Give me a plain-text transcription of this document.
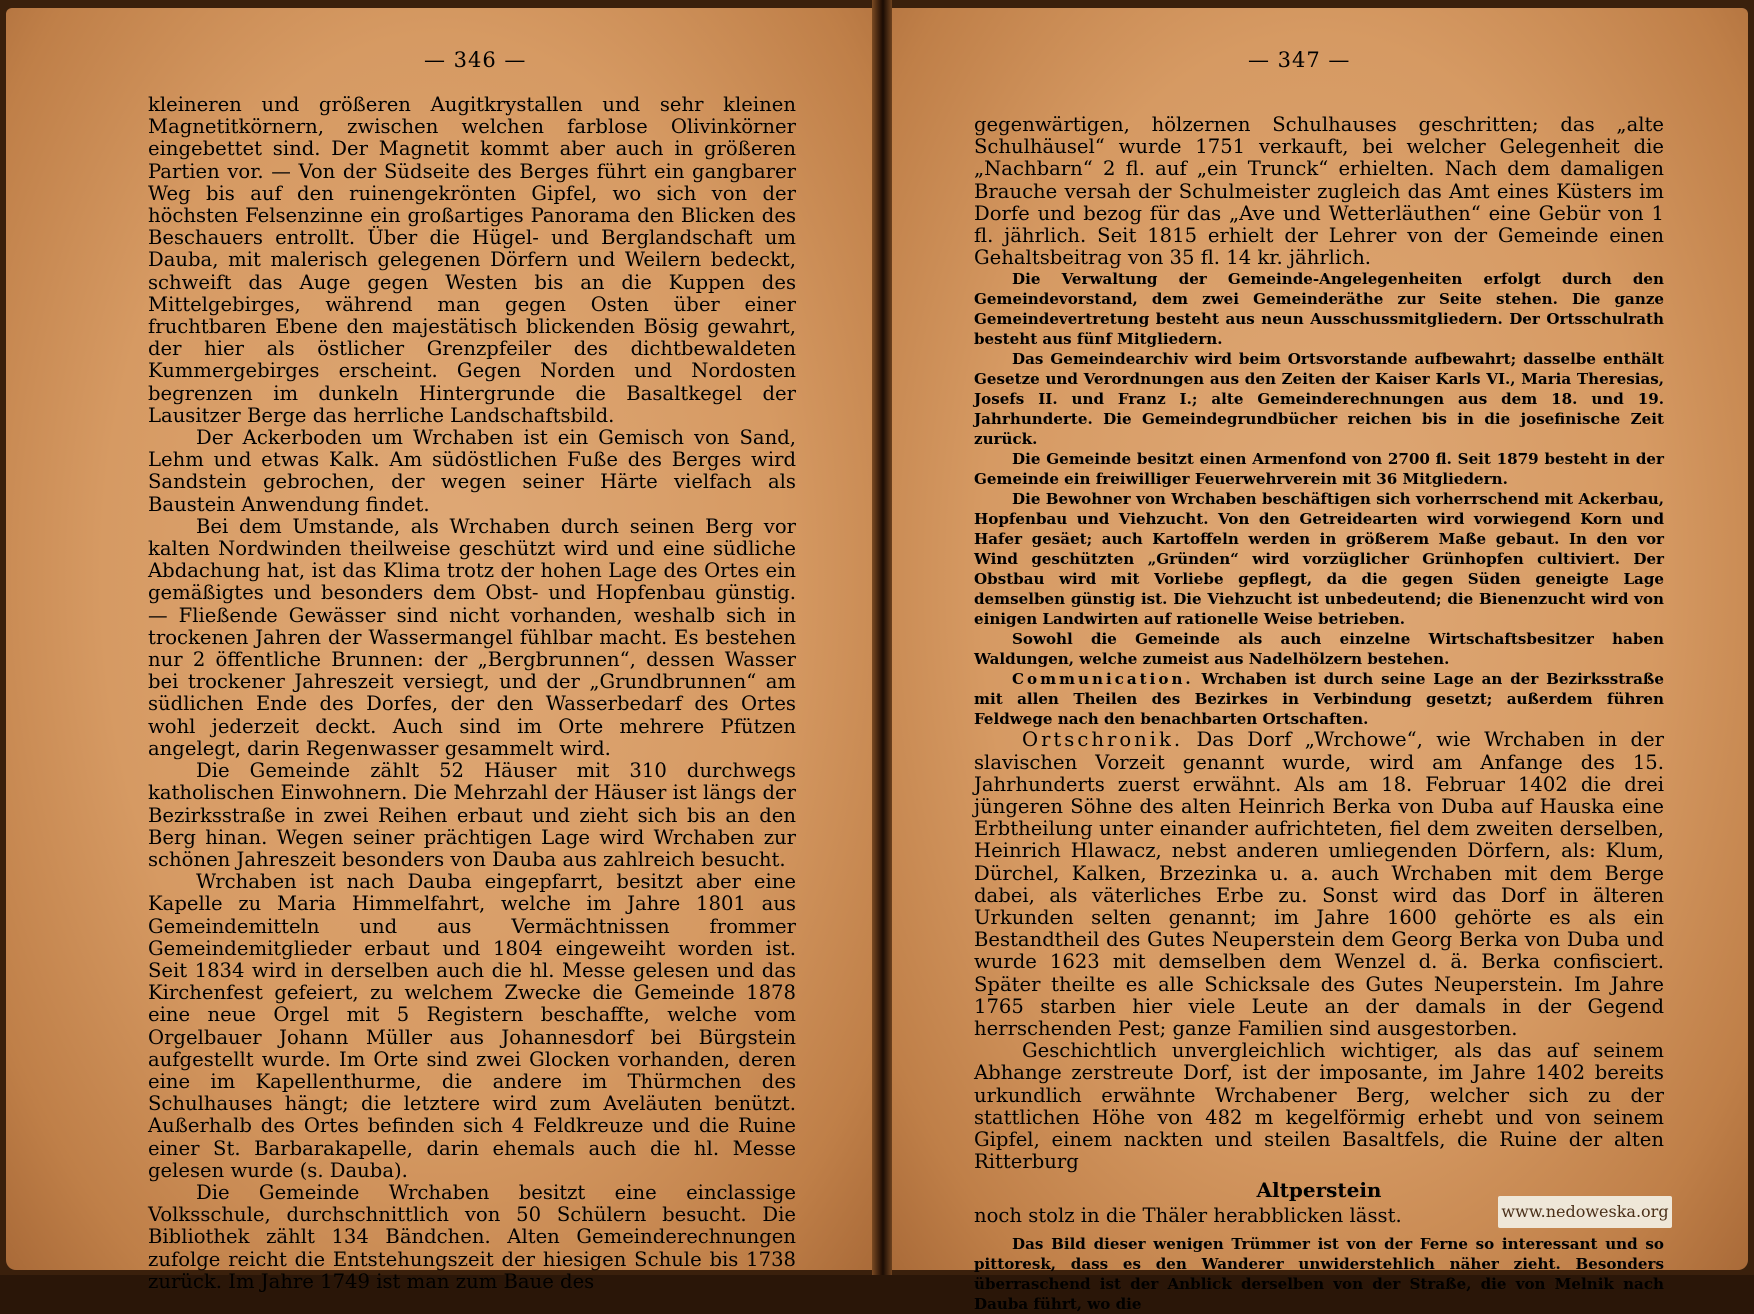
— 346 —	— 347 —

kleineren und größeren Augitkrystallen und sehr kleinen Magnetitkörnern, zwischen welchen farblose Olivinkörner eingebettet sind. Der Magnetit kommt aber auch in größeren Partien vor. — Von der Südseite des Berges führt ein gangbarer Weg bis auf den ruinengekrönten Gipfel, wo sich von der höchsten Felsenzinne ein großartiges Panorama den Blicken des Beschauers entrollt. Über die Hügel- und Berglandschaft um Dauba, mit malerisch gelegenen Dörfern und Weilern bedeckt, schweift das Auge gegen Westen bis an die Kuppen des Mittelgebirges, während man gegen Osten über einer fruchtbaren Ebene den majestätisch blickenden Bösig gewahrt, der hier als östlicher Grenzpfeiler des dichtbewaldeten Kummergebirges erscheint. Gegen Norden und Nordosten begrenzen im dunkeln Hintergrunde die Basaltkegel der Lausitzer Berge das herrliche Landschaftsbild.

Der Ackerboden um Wrchaben ist ein Gemisch von Sand, Lehm und etwas Kalk. Am südöstlichen Fuße des Berges wird Sandstein gebrochen, der wegen seiner Härte vielfach als Baustein Anwendung findet.

Bei dem Umstande, als Wrchaben durch seinen Berg vor kalten Nordwinden theilweise geschützt wird und eine südliche Abdachung hat, ist das Klima trotz der hohen Lage des Ortes ein gemäßigtes und besonders dem Obst- und Hopfenbau günstig. — Fließende Gewässer sind nicht vorhanden, weshalb sich in trockenen Jahren der Wassermangel fühlbar macht. Es bestehen nur 2 öffentliche Brunnen: der „Bergbrunnen“, dessen Wasser bei trockener Jahreszeit versiegt, und der „Grundbrunnen“ am südlichen Ende des Dorfes, der den Wasserbedarf des Ortes wohl jederzeit deckt. Auch sind im Orte mehrere Pfützen angelegt, darin Regenwasser gesammelt wird.

Die Gemeinde zählt 52 Häuser mit 310 durchwegs katholischen Einwohnern. Die Mehrzahl der Häuser ist längs der Bezirksstraße in zwei Reihen erbaut und zieht sich bis an den Berg hinan. Wegen seiner prächtigen Lage wird Wrchaben zur schönen Jahreszeit besonders von Dauba aus zahlreich besucht.

Wrchaben ist nach Dauba eingepfarrt, besitzt aber eine Kapelle zu Maria Himmelfahrt, welche im Jahre 1801 aus Gemeindemitteln und aus Vermächtnissen frommer Gemeindemitglieder erbaut und 1804 eingeweiht worden ist. Seit 1834 wird in derselben auch die hl. Messe gelesen und das Kirchenfest gefeiert, zu welchem Zwecke die Gemeinde 1878 eine neue Orgel mit 5 Registern beschaffte, welche vom Orgelbauer Johann Müller aus Johannesdorf bei Bürgstein aufgestellt wurde. Im Orte sind zwei Glocken vorhanden, deren eine im Kapellenthurme, die andere im Thürmchen des Schulhauses hängt; die letztere wird zum Aveläuten benützt. Außerhalb des Ortes befinden sich 4 Feldkreuze und die Ruine einer St. Barbarakapelle, darin ehemals auch die hl. Messe gelesen wurde (s. Dauba).

Die Gemeinde Wrchaben besitzt eine einclassige Volksschule, durchschnittlich von 50 Schülern besucht. Die Bibliothek zählt 134 Bändchen. Alten Gemeinderechnungen zufolge reicht die Entstehungszeit der hiesigen Schule bis 1738 zurück. Im Jahre 1749 ist man zum Baue des

gegenwärtigen, hölzernen Schulhauses geschritten; das „alte Schulhäusel“ wurde 1751 verkauft, bei welcher Gelegenheit die „Nachbarn“ 2 fl. auf „ein Trunck“ erhielten. Nach dem damaligen Brauche versah der Schulmeister zugleich das Amt eines Küsters im Dorfe und bezog für das „Ave und Wetterläuthen“ eine Gebür von 1 fl. jährlich. Seit 1815 erhielt der Lehrer von der Gemeinde einen Gehaltsbeitrag von 35 fl. 14 kr. jährlich.

Die Verwaltung der Gemeinde-Angelegenheiten erfolgt durch den Gemeindevorstand, dem zwei Gemeinderäthe zur Seite stehen. Die ganze Gemeindevertretung besteht aus neun Ausschussmitgliedern. Der Ortsschulrath besteht aus fünf Mitgliedern.

Das Gemeindearchiv wird beim Ortsvorstande aufbewahrt; dasselbe enthält Gesetze und Verordnungen aus den Zeiten der Kaiser Karls VI., Maria Theresias, Josefs II. und Franz I.; alte Gemeinderechnungen aus dem 18. und 19. Jahrhunderte. Die Gemeindegrundbücher reichen bis in die josefinische Zeit zurück.

Die Gemeinde besitzt einen Armenfond von 2700 fl. Seit 1879 besteht in der Gemeinde ein freiwilliger Feuerwehrverein mit 36 Mitgliedern.

Die Bewohner von Wrchaben beschäftigen sich vorherrschend mit Ackerbau, Hopfenbau und Viehzucht. Von den Getreidearten wird vorwiegend Korn und Hafer gesäet; auch Kartoffeln werden in größerem Maße gebaut. In den vor Wind geschützten „Gründen“ wird vorzüglicher Grünhopfen cultiviert. Der Obstbau wird mit Vorliebe gepflegt, da die gegen Süden geneigte Lage demselben günstig ist. Die Viehzucht ist unbedeutend; die Bienenzucht wird von einigen Landwirten auf rationelle Weise betrieben.

Sowohl die Gemeinde als auch einzelne Wirtschaftsbesitzer haben Waldungen, welche zumeist aus Nadelhölzern bestehen.

Communication. Wrchaben ist durch seine Lage an der Bezirksstraße mit allen Theilen des Bezirkes in Verbindung gesetzt; außerdem führen Feldwege nach den benachbarten Ortschaften.

Ortschronik. Das Dorf „Wrchowe“, wie Wrchaben in der slavischen Vorzeit genannt wurde, wird am Anfange des 15. Jahrhunderts zuerst erwähnt. Als am 18. Februar 1402 die drei jüngeren Söhne des alten Heinrich Berka von Duba auf Hauska eine Erbtheilung unter einander aufrichteten, fiel dem zweiten derselben, Heinrich Hlawacz, nebst anderen umliegenden Dörfern, als: Klum, Dürchel, Kalken, Brzezinka u. a. auch Wrchaben mit dem Berge dabei, als väterliches Erbe zu. Sonst wird das Dorf in älteren Urkunden selten genannt; im Jahre 1600 gehörte es als ein Bestandtheil des Gutes Neuperstein dem Georg Berka von Duba und wurde 1623 mit demselben dem Wenzel d. ä. Berka confisciert. Später theilte es alle Schicksale des Gutes Neuperstein. Im Jahre 1765 starben hier viele Leute an der damals in der Gegend herrschenden Pest; ganze Familien sind ausgestorben.

Geschichtlich unvergleichlich wichtiger, als das auf seinem Abhange zerstreute Dorf, ist der imposante, im Jahre 1402 bereits urkundlich erwähnte Wrchabener Berg, welcher sich zu der stattlichen Höhe von 482 m kegelförmig erhebt und von seinem Gipfel, einem nackten und steilen Basaltfels, die Ruine der alten Ritterburg

Altperstein

noch stolz in die Thäler herabblicken lässt.

Das Bild dieser wenigen Trümmer ist von der Ferne so interessant und so pittoresk, dass es den Wanderer unwiderstehlich näher zieht. Besonders überraschend ist der Anblick derselben von der Straße, die von Melnik nach Dauba führt, wo die

www.nedoweska.org
